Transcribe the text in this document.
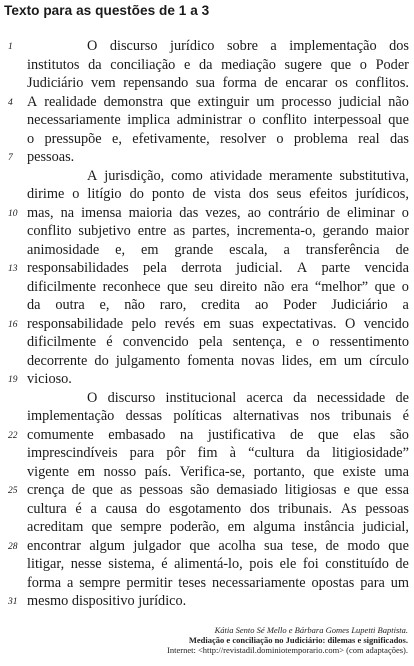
Texto para as questões de 1 a 3
1	O discurso jurídico sobre a implementação dos
institutos da conciliação e da mediação sugere que o Poder
Judiciário vem repensando sua forma de encarar os conflitos.
4 A realidade demonstra que extinguir um processo judicial não
necessariamente implica administrar o conflito interpessoal que
o pressupõe e, efetivamente, resolver o problema real das
7 pessoas.
A jurisdição, como atividade meramente substitutiva,
dirime o litígio do ponto de vista dos seus efeitos jurídicos,
10 mas, na imensa maioria das vezes, ao contrário de eliminar o
conflito subjetivo entre as partes, incrementa-o, gerando maior
animosidade e, em grande escala, a transferência de
13 responsabilidades pela derrota judicial. A parte vencida
dificilmente reconhece que seu direito não era “melhor” que o
da outra e, não raro, credita ao Poder Judiciário a
16 responsabilidade pelo revés em suas expectativas. O vencido
dificilmente é convencido pela sentença, e o ressentimento
decorrente do julgamento fomenta novas lides, em um círculo
19 vicioso.
O discurso institucional acerca da necessidade de
implementação dessas políticas alternativas nos tribunais é
22 comumente embasado na justificativa de que elas são
imprescindíveis para pôr fim à “cultura da litigiosidade”
vigente em nosso país. Verifica-se, portanto, que existe uma
25 crença de que as pessoas são demasiado litigiosas e que essa
cultura é a causa do esgotamento dos tribunais. As pessoas
acreditam que sempre poderão, em alguma instância judicial,
28 encontrar algum julgador que acolha sua tese, de modo que
litigar, nesse sistema, é alimentá-lo, pois ele foi constituído de
forma a sempre permitir teses necessariamente opostas para um
31 mesmo dispositivo jurídico.
Kátia Sento Sé Mello e Bárbara Gomes Lupetti Baptista.
Mediação e conciliação no Judiciário: dilemas e significados.
Internet: <http://revistadil.dominiotemporario.com> (com adaptações).
